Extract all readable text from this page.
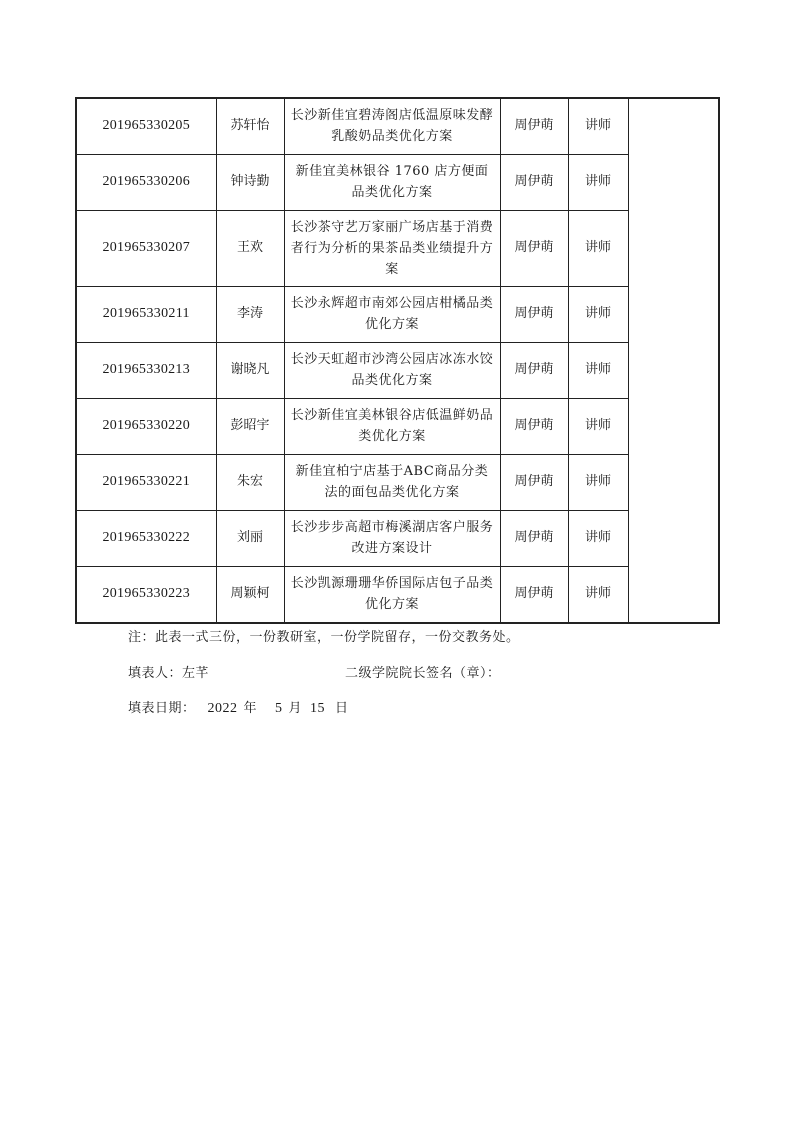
201965330205	苏轩怡	长沙新佳宜碧涛阁店低温原味发酵乳酸奶品类优化方案	周伊萌	讲师	
201965330206	钟诗勤	新佳宜美林银谷 1760 店方便面品类优化方案	周伊萌	讲师	
201965330207	王欢	长沙茶守艺万家丽广场店基于消费者行为分析的果茶品类业绩提升方案	周伊萌	讲师	
201965330211	李涛	长沙永辉超市南郊公园店柑橘品类优化方案	周伊萌	讲师	
201965330213	谢晓凡	长沙天虹超市沙湾公园店冰冻水饺品类优化方案	周伊萌	讲师	
201965330220	彭昭宇	长沙新佳宜美林银谷店低温鲜奶品类优化方案	周伊萌	讲师	
201965330221	朱宏	新佳宜柏宁店基于ABC商品分类法的面包品类优化方案	周伊萌	讲师	
201965330222	刘丽	长沙步步高超市梅溪湖店客户服务改进方案设计	周伊萌	讲师	
201965330223	周颖柯	长沙凯源珊珊华侨国际店包子品类优化方案	周伊萌	讲师	
注：此表一式三份，一份教研室，一份学院留存，一份交教务处。
填表人：左芊	二级学院院长签名（章）：
填表日期： 2022 年 5 月 15 日
